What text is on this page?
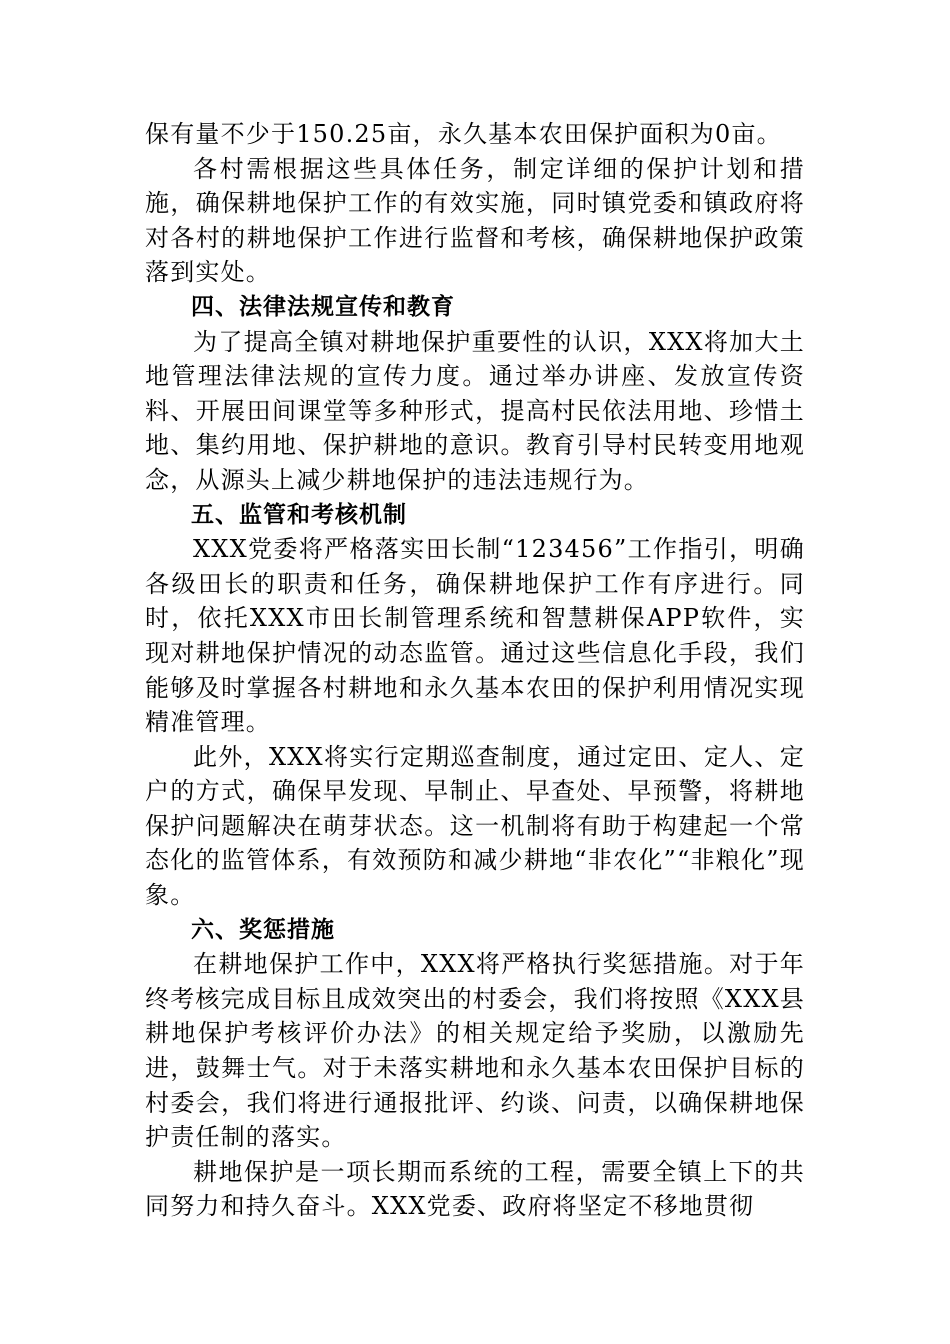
保有量不少于150.25亩，永久基本农田保护面积为0亩。

各村需根据这些具体任务，制定详细的保护计划和措施，确保耕地保护工作的有效实施，同时镇党委和镇政府将对各村的耕地保护工作进行监督和考核，确保耕地保护政策落到实处。

四、法律法规宣传和教育

为了提高全镇对耕地保护重要性的认识，XXX将加大土地管理法律法规的宣传力度。通过举办讲座、发放宣传资料、开展田间课堂等多种形式，提高村民依法用地、珍惜土地、集约用地、保护耕地的意识。教育引导村民转变用地观念，从源头上减少耕地保护的违法违规行为。

五、监管和考核机制

XXX党委将严格落实田长制“123456”工作指引，明确各级田长的职责和任务，确保耕地保护工作有序进行。同时，依托XXX市田长制管理系统和智慧耕保APP软件，实现对耕地保护情况的动态监管。通过这些信息化手段，我们能够及时掌握各村耕地和永久基本农田的保护利用情况实现精准管理。

此外，XXX将实行定期巡查制度，通过定田、定人、定户的方式，确保早发现、早制止、早查处、早预警，将耕地保护问题解决在萌芽状态。这一机制将有助于构建起一个常态化的监管体系，有效预防和减少耕地“非农化”“非粮化”现象。

六、奖惩措施

在耕地保护工作中，XXX将严格执行奖惩措施。对于年终考核完成目标且成效突出的村委会，我们将按照《XXX县耕地保护考核评价办法》的相关规定给予奖励，以激励先进，鼓舞士气。对于未落实耕地和永久基本农田保护目标的村委会，我们将进行通报批评、约谈、问责，以确保耕地保护责任制的落实。

耕地保护是一项长期而系统的工程，需要全镇上下的共同努力和持久奋斗。XXX党委、政府将坚定不移地贯彻
